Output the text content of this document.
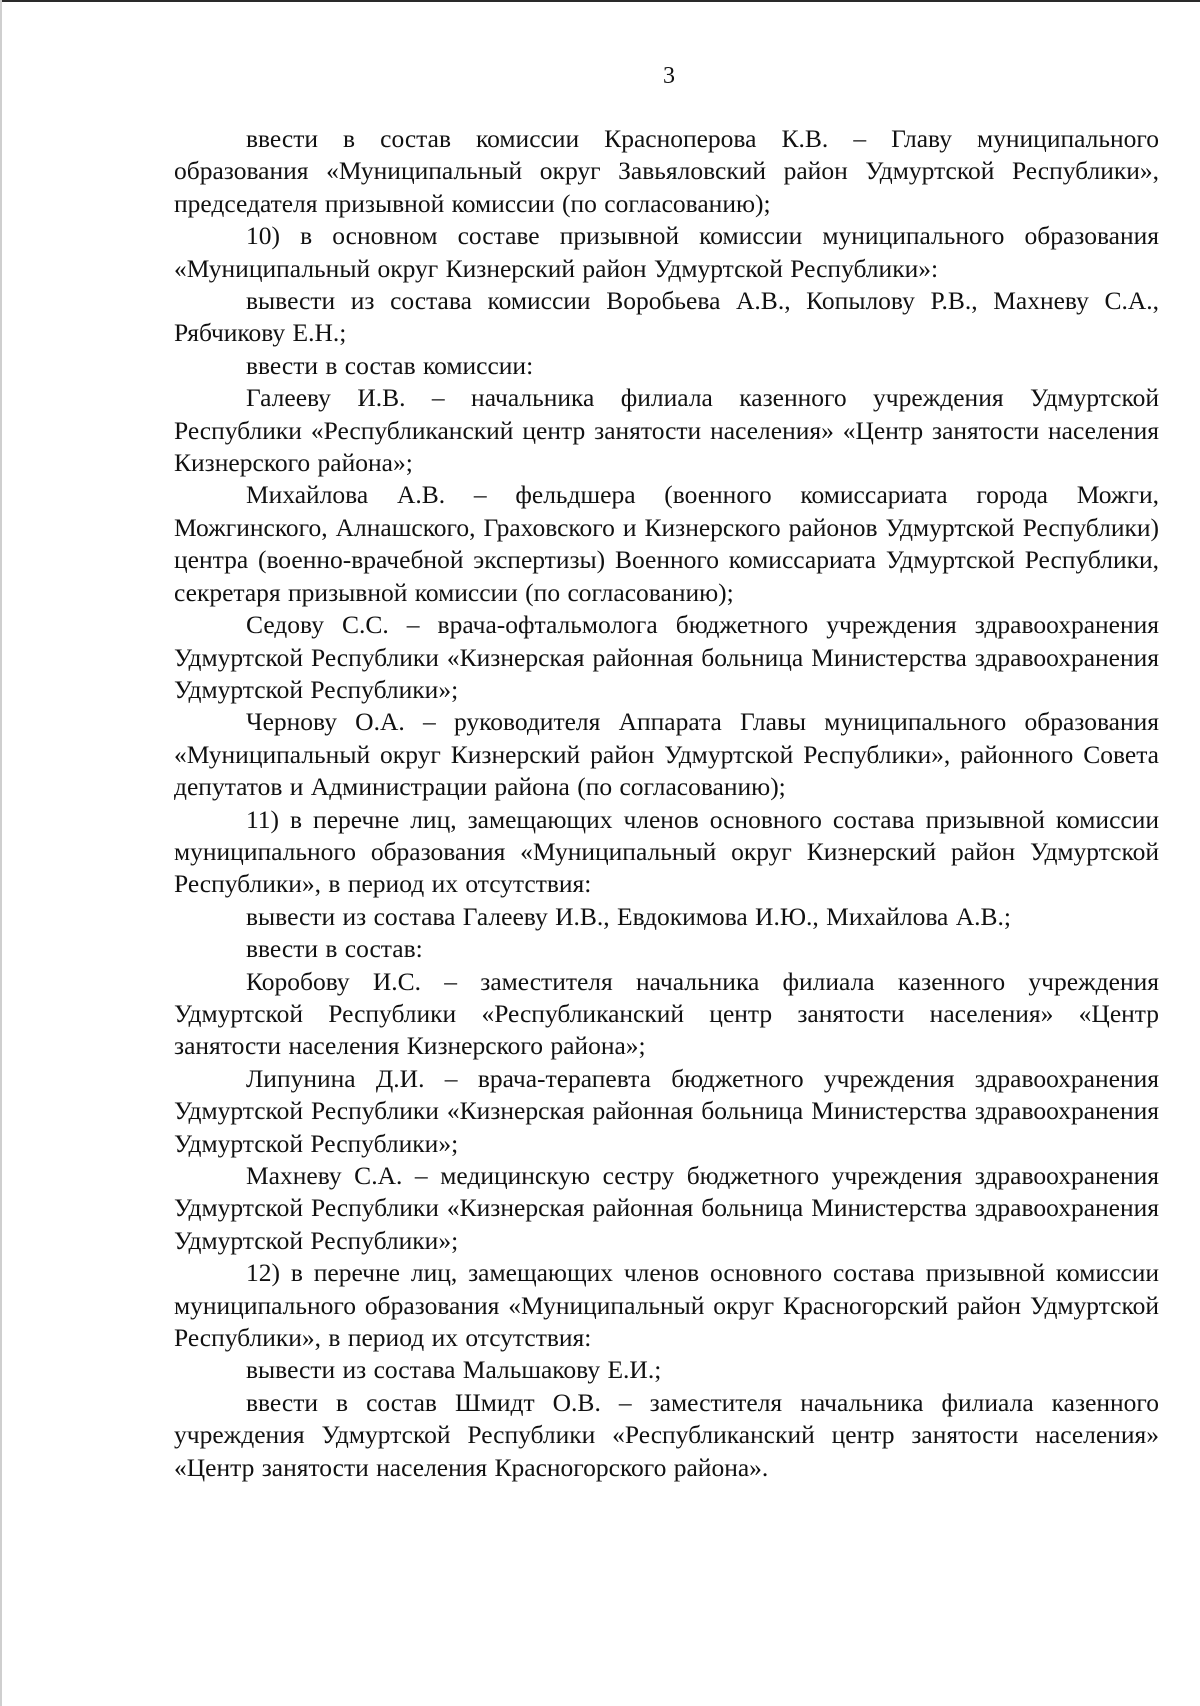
3

ввести в состав комиссии Красноперова К.В. – Главу муниципального образования «Муниципальный округ Завьяловский район Удмуртской Республики», председателя призывной комиссии (по согласованию);

10) в основном составе призывной комиссии муниципального образования «Муниципальный округ Кизнерский район Удмуртской Республики»:

вывести из состава комиссии Воробьева А.В., Копылову Р.В., Махневу С.А., Рябчикову Е.Н.;

ввести в состав комиссии:

Галееву И.В. – начальника филиала казенного учреждения Удмуртской Республики «Республиканский центр занятости населения» «Центр занятости населения Кизнерского района»;

Михайлова А.В. – фельдшера (военного комиссариата города Можги, Можгинского, Алнашского, Граховского и Кизнерского районов Удмуртской Республики) центра (военно-врачебной экспертизы) Военного комиссариата Удмуртской Республики, секретаря призывной комиссии (по согласованию);

Седову С.С. – врача-офтальмолога бюджетного учреждения здравоохранения Удмуртской Республики «Кизнерская районная больница Министерства здравоохранения Удмуртской Республики»;

Чернову О.А. – руководителя Аппарата Главы муниципального образования «Муниципальный округ Кизнерский район Удмуртской Республики», районного Совета депутатов и Администрации района (по согласованию);

11) в перечне лиц, замещающих членов основного состава призывной комиссии муниципального образования «Муниципальный округ Кизнерский район Удмуртской Республики», в период их отсутствия:

вывести из состава Галееву И.В., Евдокимова И.Ю., Михайлова А.В.;

ввести в состав:

Коробову И.С. – заместителя начальника филиала казенного учреждения Удмуртской Республики «Республиканский центр занятости населения» «Центр занятости населения Кизнерского района»;

Липунина Д.И. – врача-терапевта бюджетного учреждения здравоохранения Удмуртской Республики «Кизнерская районная больница Министерства здравоохранения Удмуртской Республики»;

Махневу С.А. – медицинскую сестру бюджетного учреждения здравоохранения Удмуртской Республики «Кизнерская районная больница Министерства здравоохранения Удмуртской Республики»;

12) в перечне лиц, замещающих членов основного состава призывной комиссии муниципального образования «Муниципальный округ Красногорский район Удмуртской Республики», в период их отсутствия:

вывести из состава Мальшакову Е.И.;

ввести в состав Шмидт О.В. – заместителя начальника филиала казенного учреждения Удмуртской Республики «Республиканский центр занятости населения» «Центр занятости населения Красногорского района».
